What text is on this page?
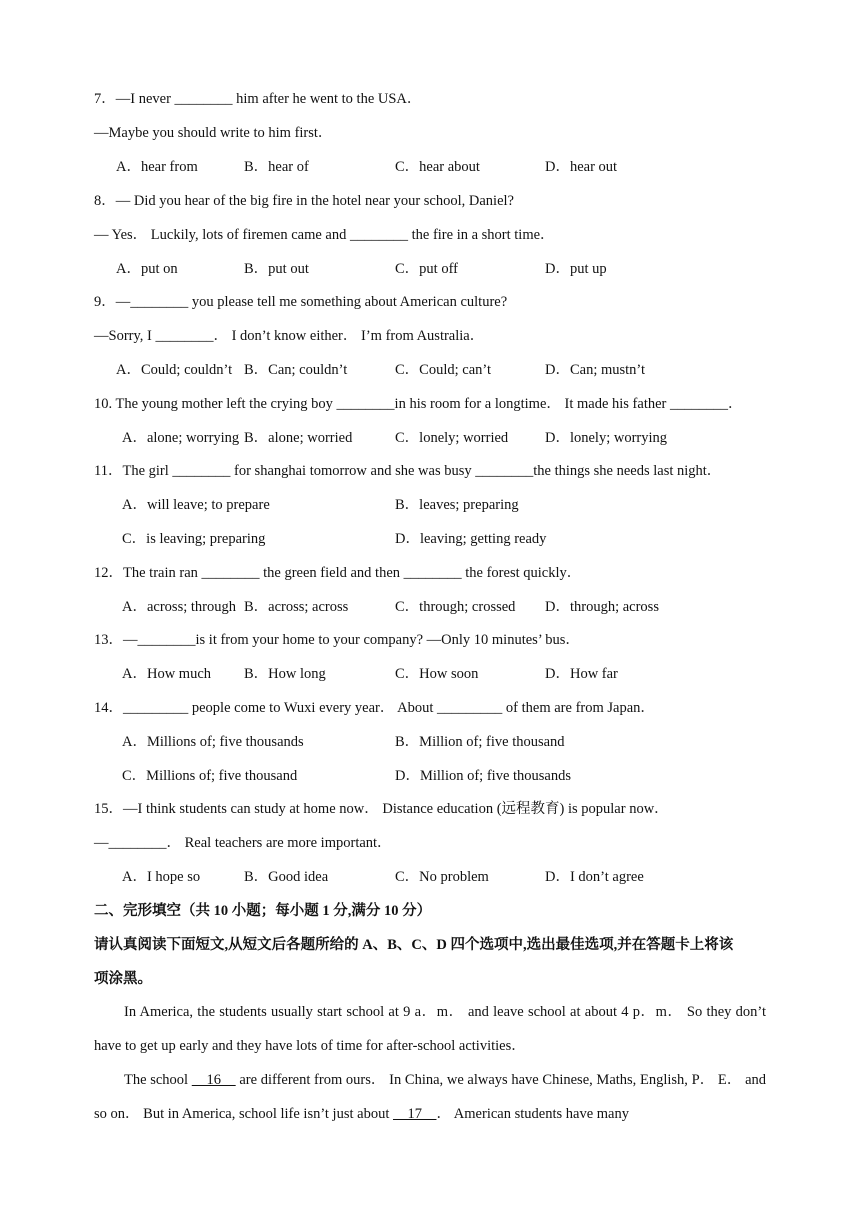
7．—I never ________ him after he went to the USA．
—Maybe you should write to him first．
A．hear from	B．hear of	C．hear about	D．hear out
8．— Did you hear of the big fire in the hotel near your school, Daniel?
— Yes． Luckily, lots of firemen came and ________ the fire in a short time．
A．put on	B．put out	C．put off	D．put up
9．—________ you please tell me something about American culture?
—Sorry, I ________． I don’t know either． I’m from Australia．
A．Could; couldn’t B．Can; couldn’t	C．Could; can’t	D．Can; mustn’t
10. The young mother left the crying boy ________in his room for a longtime． It made his father ________．
A．alone; worrying B．alone; worried	C．lonely; worried	D．lonely; worrying
11．The girl ________ for shanghai tomorrow and she was busy ________the things she needs last night．
A．will leave; to prepare	B．leaves; preparing
C．is leaving; preparing	D．leaving; getting ready
12．The train ran ________ the green field and then ________ the forest quickly．
A．across; through B．across; across	C．through; crossed D．through; across
13．—________is it from your home to your company? —Only 10 minutes’ bus．
A．How much B．How long	C．How soon	D．How far
14．_________ people come to Wuxi every year． About _________ of them are from Japan．
A．Millions of; five thousands	B．Million of; five thousand
C．Millions of; five thousand	D．Million of; five thousands
15．—I think students can study at home now． Distance education (远程教育) is popular now．
—________． Real teachers are more important．
A．I hope so	B．Good idea	C．No problem	D．I don’t agree
二、完形填空（共 10 小题；每小题 1 分,满分 10 分）
请认真阅读下面短文,从短文后各题所给的 A、B、C、D 四个选项中,选出最佳选项,并在答题卡上将该
项涂黑。
In America, the students usually start school at 9 a．m． and leave school at about 4 p．m． So they don’t have to get up early and they have lots of time for after-school activities．
The school     16     are different from ours． In China, we always have Chinese, Maths, English, P． E． and so on． But in America, school life isn’t just about     17    ． American students have many
